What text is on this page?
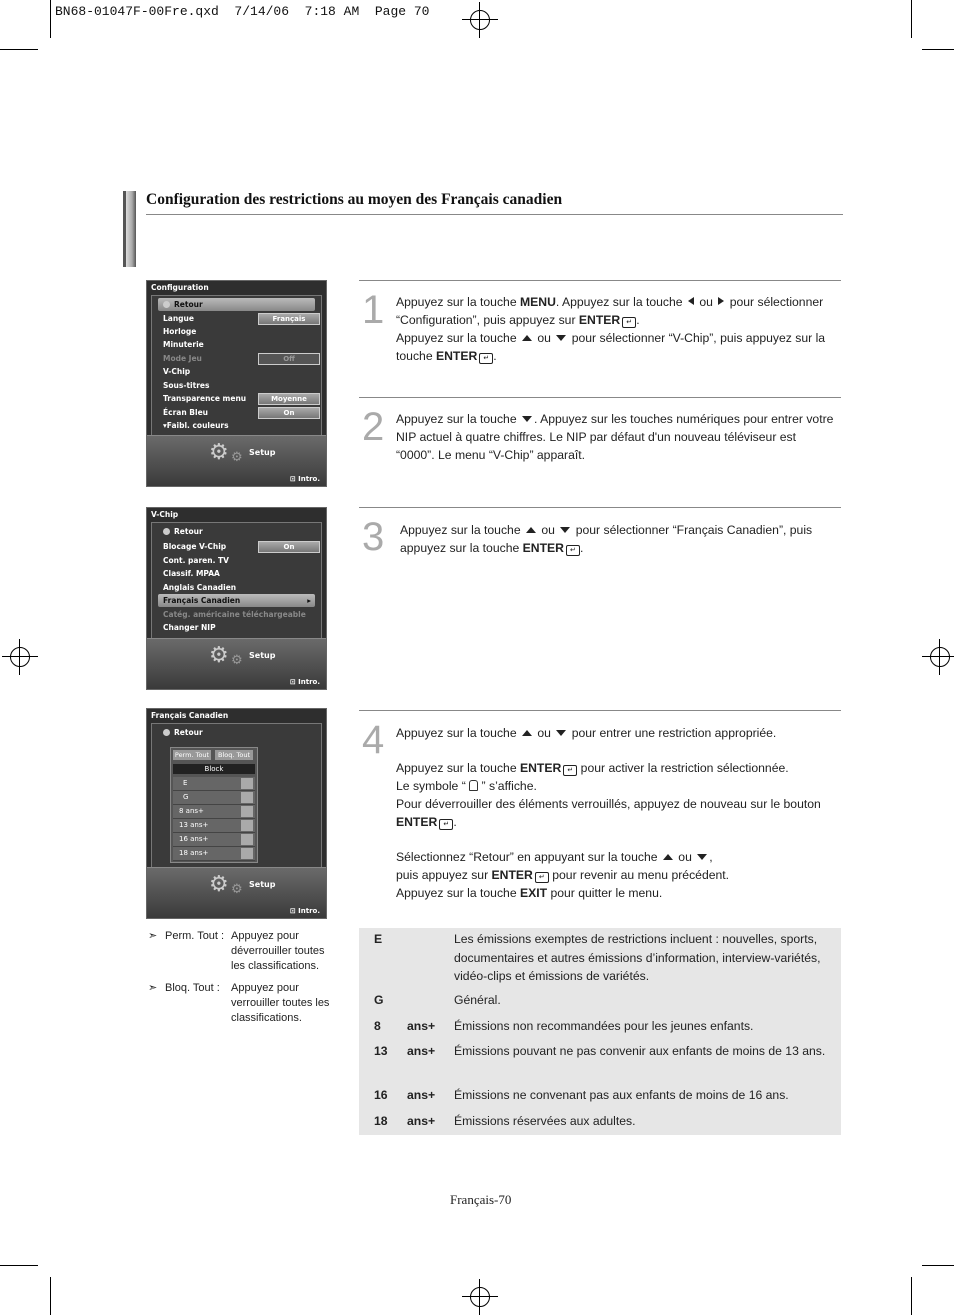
BN68-01047F-00Fre.qxd  7/14/06  7:18 AM  Page 70
Configuration des restrictions au moyen des Français canadien
Configuration
Retour
Langue	Français
Horloge
Minuterie
Mode Jeu	Off
V-Chip
Sous-titres
Transparence menu	Moyenne
Écran Bleu	On
▾Faibl. couleurs
⚙ ⚙ Setup
⊡ Intro.
V-Chip
Retour
Blocage V-Chip	On
Cont. paren. TV
Classif. MPAA
Anglais Canadien
Français Canadien	▸
Catég. américaine téléchargeable
Changer NIP
⚙ ⚙ Setup
⊡ Intro.
Français Canadien
Retour
Perm. Tout	Bloq. Tout
Block
E
G
8 ans+
13 ans+
16 ans+
18 ans+
⚙ ⚙ Setup
⊡ Intro.
➣ Perm. Tout : Appuyez pour déverrouiller toutes les classifications.
➣ Bloq. Tout : Appuyez pour verrouiller toutes les classifications.
1 Appuyez sur la touche MENU. Appuyez sur la touche  ou  pour sélectionner “Configuration”, puis appuyez sur ENTER ↵ .

Appuyez sur la touche  ou  pour sélectionner “V-Chip”, puis appuyez sur la touche ENTER ↵ .

2 Appuyez sur la touche . Appuyez sur les touches numériques pour entrer votre NIP actuel à quatre chiffres. Le NIP par défaut d'un nouveau téléviseur est “0000”. Le menu “V-Chip” apparaît.

3 Appuyez sur la touche  ou  pour sélectionner “Français Canadien”, puis appuyez sur la touche ENTER ↵ .

4 Appuyez sur la touche  ou  pour entrer une restriction appropriée.

Appuyez sur la touche ENTER ↵ pour activer la restriction sélectionnée.

Le symbole “  ” s’affiche.

Pour déverrouiller des éléments verrouillés, appuyez de nouveau sur le bouton ENTER ↵ .

Sélectionnez “Retour” en appuyant sur la touche  ou ,

puis appuyez sur ENTER ↵ pour revenir au menu précédent.

Appuyez sur la touche EXIT pour quitter le menu.

E	Les émissions exemptes de restrictions incluent : nouvelles, sports, documentaires et autres émissions d’information, interview-variétés, vidéo-clips et émissions de variétés.
G	Général.
8 ans+ Émissions non recommandées pour les jeunes enfants.
13 ans+ Émissions pouvant ne pas convenir aux enfants de moins de 13 ans.
16 ans+ Émissions ne convenant pas aux enfants de moins de 16 ans.
18 ans+ Émissions réservées aux adultes.
Français-70
